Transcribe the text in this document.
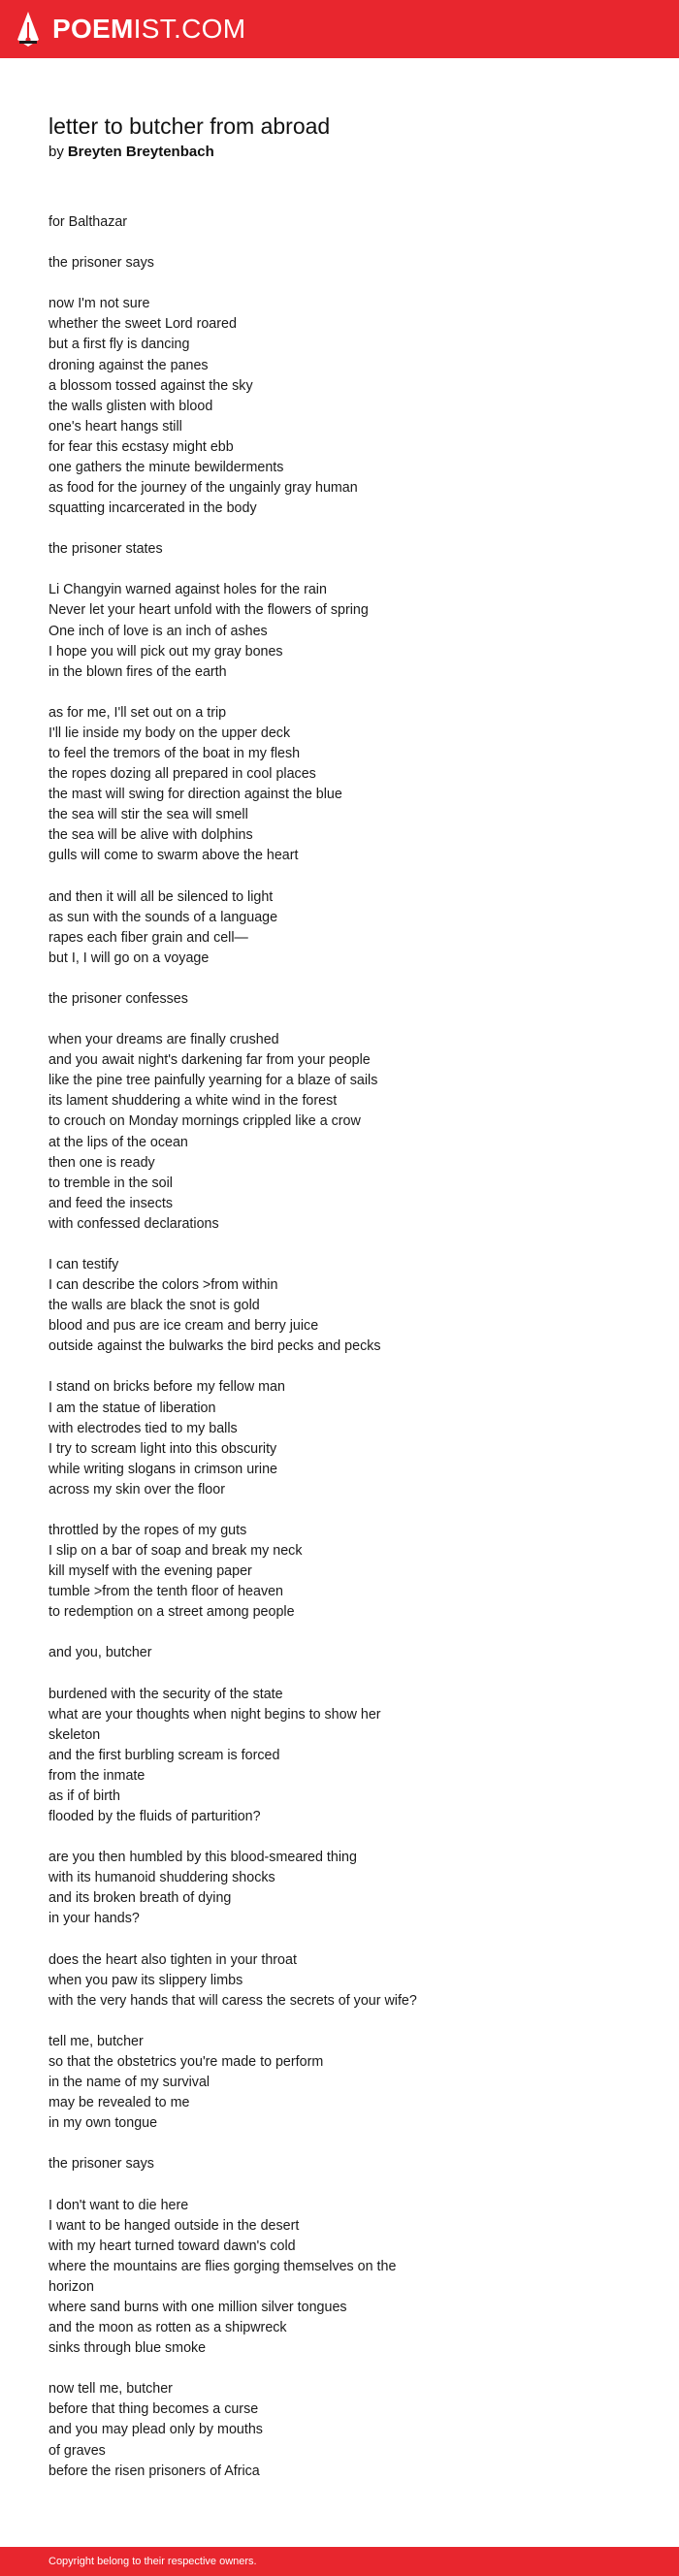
POEMIST.COM
letter to butcher from abroad
by Breyten Breytenbach
for Balthazar
the prisoner says
now I'm not sure
whether the sweet Lord roared
but a first fly is dancing
droning against the panes
a blossom tossed against the sky
the walls glisten with blood
one's heart hangs still
for fear this ecstasy might ebb
one gathers the minute bewilderments
as food for the journey of the ungainly gray human
squatting incarcerated in the body
the prisoner states
Li Changyin warned against holes for the rain
Never let your heart unfold with the flowers of spring
One inch of love is an inch of ashes
I hope you will pick out my gray bones
in the blown fires of the earth
as for me, I'll set out on a trip
I'll lie inside my body on the upper deck
to feel the tremors of the boat in my flesh
the ropes dozing all prepared in cool places
the mast will swing for direction against the blue
the sea will stir the sea will smell
the sea will be alive with dolphins
gulls will come to swarm above the heart
and then it will all be silenced to light
as sun with the sounds of a language
rapes each fiber grain and cell—
but I, I will go on a voyage
the prisoner confesses
when your dreams are finally crushed
and you await night's darkening far from your people
like the pine tree painfully yearning for a blaze of sails
its lament shuddering a white wind in the forest
to crouch on Monday mornings crippled like a crow
at the lips of the ocean
then one is ready
to tremble in the soil
and feed the insects
with confessed declarations
I can testify
I can describe the colors >from within
the walls are black the snot is gold
blood and pus are ice cream and berry juice
outside against the bulwarks the bird pecks and pecks
I stand on bricks before my fellow man
I am the statue of liberation
with electrodes tied to my balls
I try to scream light into this obscurity
while writing slogans in crimson urine
across my skin over the floor
throttled by the ropes of my guts
I slip on a bar of soap and break my neck
kill myself with the evening paper
tumble >from the tenth floor of heaven
to redemption on a street among people
and you, butcher
burdened with the security of the state
what are your thoughts when night begins to show her
skeleton
and the first burbling scream is forced
from the inmate
as if of birth
flooded by the fluids of parturition?
are you then humbled by this blood-smeared thing
with its humanoid shuddering shocks
and its broken breath of dying
in your hands?
does the heart also tighten in your throat
when you paw its slippery limbs
with the very hands that will caress the secrets of your wife?
tell me, butcher
so that the obstetrics you're made to perform
in the name of my survival
may be revealed to me
in my own tongue
the prisoner says
I don't want to die here
I want to be hanged outside in the desert
with my heart turned toward dawn's cold
where the mountains are flies gorging themselves on the
horizon
where sand burns with one million silver tongues
and the moon as rotten as a shipwreck
sinks through blue smoke
now tell me, butcher
before that thing becomes a curse
and you may plead only by mouths
of graves
before the risen prisoners of Africa
Copyright belong to their respective owners.
